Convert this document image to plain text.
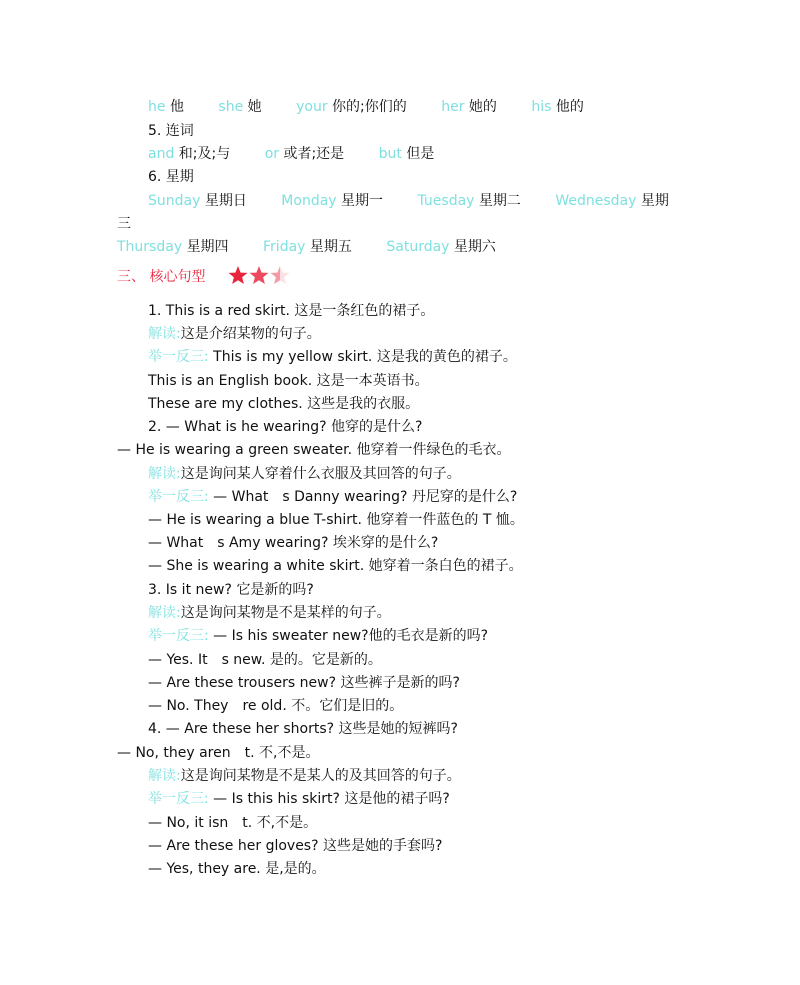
he 他 she 她 your 你的;你们的 her 她的 his 他的
5. 连词
and 和;及;与 or 或者;还是 but 但是
6. 星期
Sunday 星期日 Monday 星期一 Tuesday 星期二 Wednesday 星期
三
Thursday 星期四 Friday 星期五 Saturday 星期六
三、 核心句型
1. This is a red skirt. 这是一条红色的裙子。
解读:这是介绍某物的句子。
举一反三: This is my yellow skirt. 这是我的黄色的裙子。
This is an English book. 这是一本英语书。
These are my clothes. 这些是我的衣服。
2. — What is he wearing? 他穿的是什么?
— He is wearing a green sweater. 他穿着一件绿色的毛衣。
解读:这是询问某人穿着什么衣服及其回答的句子。
举一反三: — What　s Danny wearing? 丹尼穿的是什么?
— He is wearing a blue T-shirt. 他穿着一件蓝色的 T 恤。
— What　s Amy wearing? 埃米穿的是什么?
— She is wearing a white skirt. 她穿着一条白色的裙子。
3. Is it new? 它是新的吗?
解读:这是询问某物是不是某样的句子。
举一反三: — Is his sweater new?他的毛衣是新的吗?
— Yes. It　s new. 是的。它是新的。
— Are these trousers new? 这些裤子是新的吗?
— No. They　re old. 不。它们是旧的。
4. — Are these her shorts? 这些是她的短裤吗?
— No, they aren　t. 不,不是。
解读:这是询问某物是不是某人的及其回答的句子。
举一反三: — Is this his skirt? 这是他的裙子吗?
— No, it isn　t. 不,不是。
— Are these her gloves? 这些是她的手套吗?
— Yes, they are. 是,是的。
